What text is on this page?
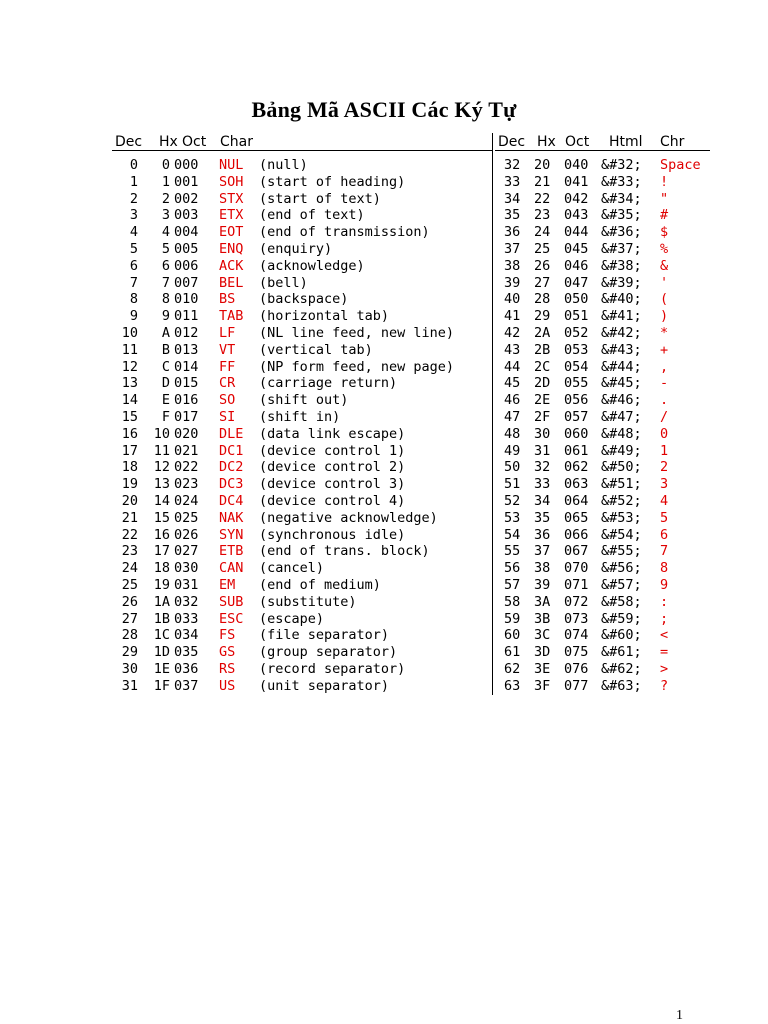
Bảng Mã ASCII Các Ký Tự
Dec Hx Oct Char	Dec Hx Oct Html Chr
0	0 000 NUL (null)	32 20 040 &#32; Space
1	1 001 SOH (start of heading)	33 21 041 &#33; !
2	2 002 STX (start of text)	34 22 042 &#34; "
3	3 003 ETX (end of text)	35 23 043 &#35; #
4	4 004 EOT (end of transmission)	36 24 044 &#36; $
5	5 005 ENQ (enquiry)	37 25 045 &#37; %
6	6 006 ACK (acknowledge)	38 26 046 &#38; &
7	7 007 BEL (bell)	39 27 047 &#39; '
8	8 010 BS (backspace)	40 28 050 &#40; (
9	9 011 TAB (horizontal tab)	41 29 051 &#41; )
10	A 012 LF (NL line feed, new line)	42 2A 052 &#42; *
11	B 013 VT (vertical tab)	43 2B 053 &#43; +
12	C 014 FF (NP form feed, new page)	44 2C 054 &#44; ,
13	D 015 CR (carriage return)	45 2D 055 &#45; -
14	E 016 SO (shift out)	46 2E 056 &#46; .
15	F 017 SI (shift in)	47 2F 057 &#47; /
16	10 020 DLE (data link escape)	48 30 060 &#48; 0
17	11 021 DC1 (device control 1)	49 31 061 &#49; 1
18	12 022 DC2 (device control 2)	50 32 062 &#50; 2
19	13 023 DC3 (device control 3)	51 33 063 &#51; 3
20	14 024 DC4 (device control 4)	52 34 064 &#52; 4
21	15 025 NAK (negative acknowledge)	53 35 065 &#53; 5
22	16 026 SYN (synchronous idle)	54 36 066 &#54; 6
23	17 027 ETB (end of trans. block)	55 37 067 &#55; 7
24	18 030 CAN (cancel)	56 38 070 &#56; 8
25	19 031 EM (end of medium)	57 39 071 &#57; 9
26	1A 032 SUB (substitute)	58 3A 072 &#58; :
27	1B 033 ESC (escape)	59 3B 073 &#59; ;
28	1C 034 FS (file separator)	60 3C 074 &#60; <
29	1D 035 GS (group separator)	61 3D 075 &#61; =
30	1E 036 RS (record separator)	62 3E 076 &#62; >
31	1F 037 US (unit separator)	63 3F 077 &#63; ?
1
